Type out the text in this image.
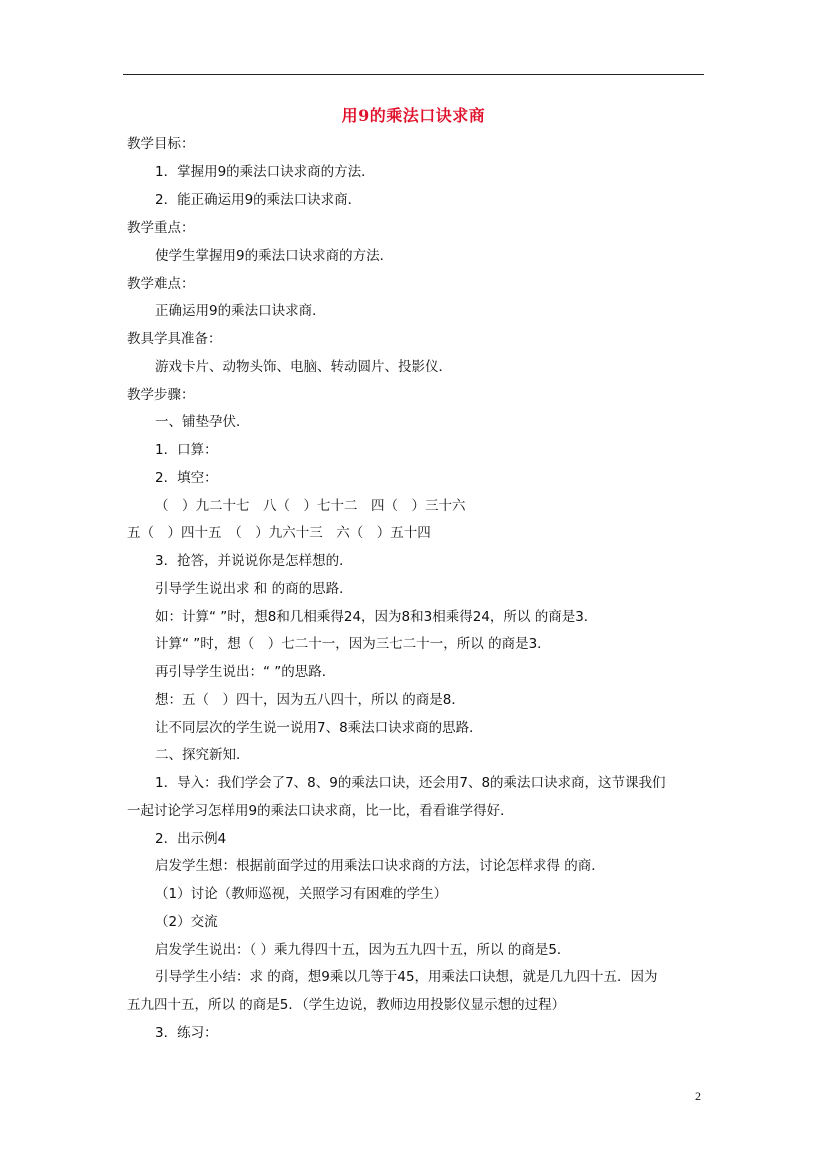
用9的乘法口诀求商
教学目标：
1．掌握用9的乘法口诀求商的方法．
2．能正确运用9的乘法口诀求商．
教学重点：
使学生掌握用9的乘法口诀求商的方法．
教学难点：
正确运用9的乘法口诀求商．
教具学具准备：
游戏卡片、动物头饰、电脑、转动圆片、投影仪．
教学步骤：
一、铺垫孕伏．
1．口算：
2．填空：
（　）九二十七　八（　）七十二　四（　）三十六
五（　）四十五　（　）九六十三　六（　）五十四
3．抢答，并说说你是怎样想的．
引导学生说出求 和 的商的思路．
如：计算“ ”时，想8和几相乘得24，因为8和3相乘得24，所以 的商是3．
计算“ ”时，想（　）七二十一，因为三七二十一，所以 的商是3．
再引导学生说出：“ ”的思路．
想：五（　）四十，因为五八四十，所以 的商是8．
让不同层次的学生说一说用7、8乘法口诀求商的思路．
二、探究新知．
1．导入：我们学会了7、8、9的乘法口诀，还会用7、8的乘法口诀求商，这节课我们
一起讨论学习怎样用9的乘法口诀求商，比一比，看看谁学得好．
2．出示例4
启发学生想：根据前面学过的用乘法口诀求商的方法，讨论怎样求得 的商．
（1）讨论（教师巡视，关照学习有困难的学生）
（2）交流
启发学生说出：（ ）乘九得四十五，因为五九四十五，所以 的商是5．
引导学生小结：求 的商，想9乘以几等于45，用乘法口诀想，就是几九四十五．因为
五九四十五，所以 的商是5．（学生边说，教师边用投影仪显示想的过程）
3．练习：
2
